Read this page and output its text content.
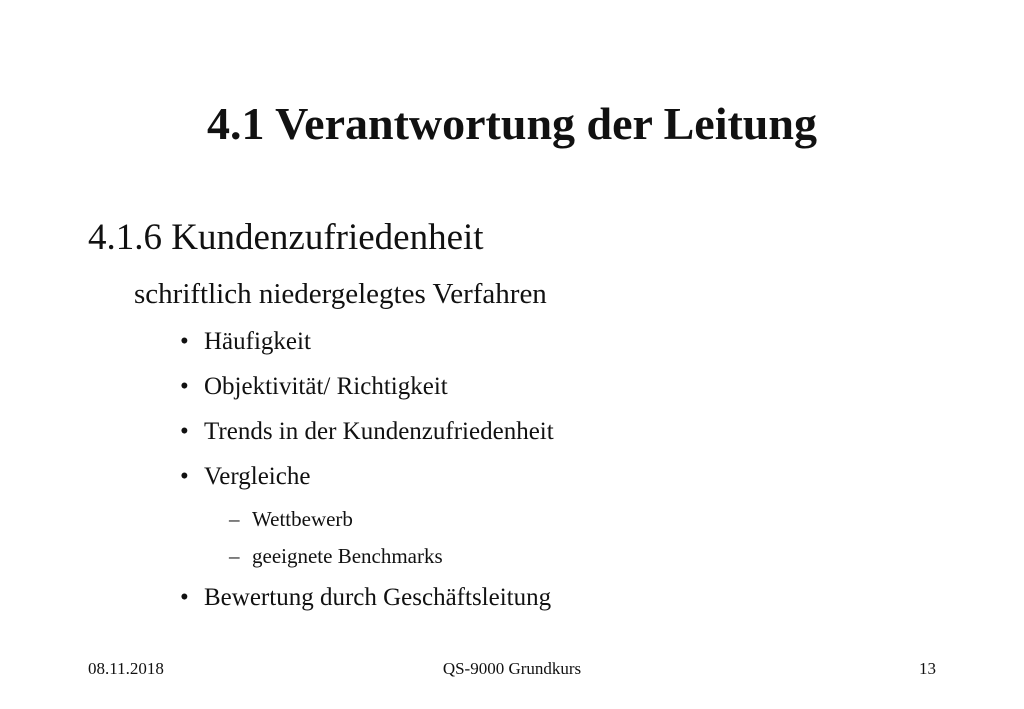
4.1 Verantwortung der Leitung
4.1.6 Kundenzufriedenheit
schriftlich niedergelegtes Verfahren
• Häufigkeit
• Objektivität/ Richtigkeit
• Trends in der Kundenzufriedenheit
• Vergleiche
– Wettbewerb
– geeignete Benchmarks
• Bewertung durch Geschäftsleitung
08.11.2018	QS-9000 Grundkurs	13
